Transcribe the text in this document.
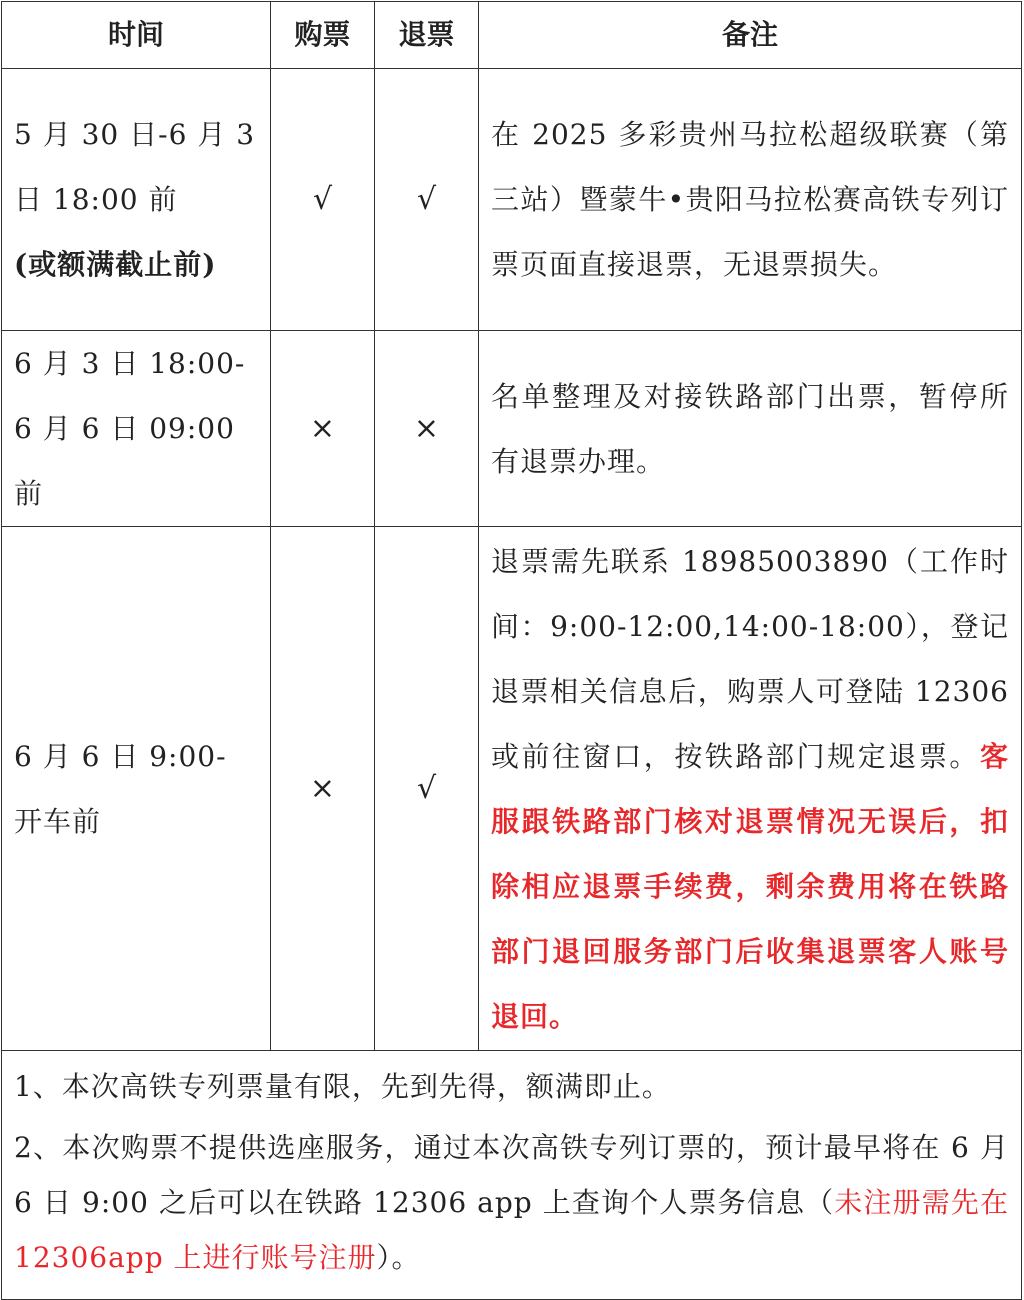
时间	购票	退票	备注

5 月 30 日-6 月 3
日 18:00 前
(或额满截止前)	√	√	在 2025 多彩贵州马拉松超级联赛（第三站）暨蒙牛•贵阳马拉松赛高铁专列订票页面直接退票，无退票损失。

6 月 3 日 18:00-
6 月 6 日 09:00 前	×	×	名单整理及对接铁路部门出票，暂停所有退票办理。

6 月 6 日 9:00-
开车前	×	√	退票需先联系 18985003890（工作时间：9:00-12:00,14:00-18:00），登记退票相关信息后，购票人可登陆 12306 或前往窗口，按铁路部门规定退票。客服跟铁路部门核对退票情况无误后，扣除相应退票手续费，剩余费用将在铁路部门退回服务部门后收集退票客人账号退回。

1、本次高铁专列票量有限，先到先得，额满即止。

2、本次购票不提供选座服务，通过本次高铁专列订票的，预计最早将在 6 月 6 日 9:00 之后可以在铁路 12306 app 上查询个人票务信息（未注册需先在 12306app 上进行账号注册）。			
